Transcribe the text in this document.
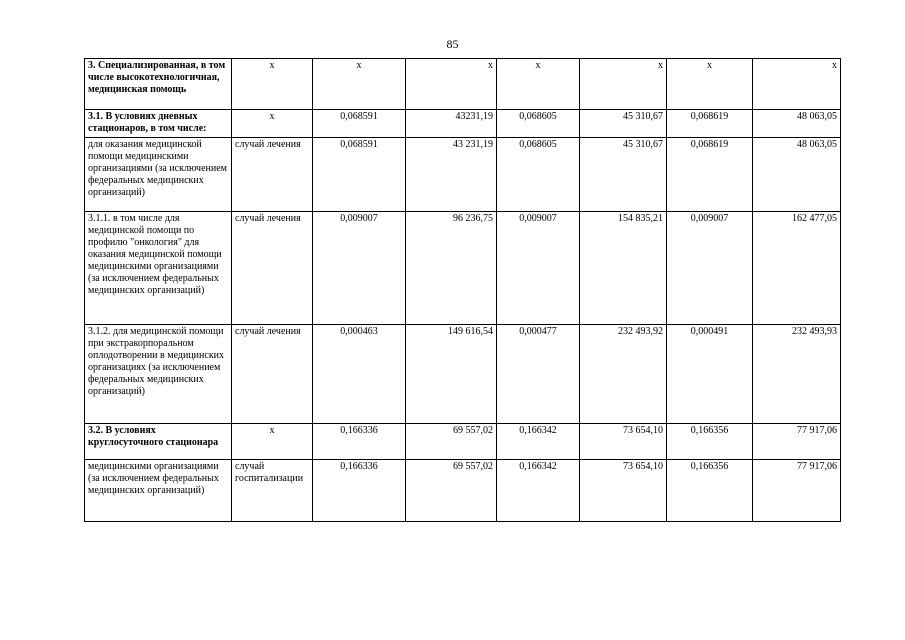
85
3. Специализированная, в том числе высокотехнологичная, медицинская помощь	х	х	х	х	х	х	х
3.1. В условиях дневных стационаров, в том числе:	х	0,068591	43231,19	0,068605	45 310,67	0,068619	48 063,05
для оказания медицинской помощи медицинскими организациями (за исключением федеральных медицинских организаций)	случай лечения	0,068591	43 231,19	0,068605	45 310,67	0,068619	48 063,05
3.1.1. в том числе для медицинской помощи по профилю "онкология" для оказания медицинской помощи медицинскими организациями (за исключением федеральных медицинских организаций)	случай лечения	0,009007	96 236,75	0,009007	154 835,21	0,009007	162 477,05
3.1.2. для медицинской помощи при экстракорпоральном оплодотворении в медицинских организациях (за исключением федеральных медицинских организаций)	случай лечения	0,000463	149 616,54	0,000477	232 493,92	0,000491	232 493,93
3.2. В условиях круглосуточного стационара	х	0,166336	69 557,02	0,166342	73 654,10	0,166356	77 917,06
медицинскими организациями (за исключением федеральных медицинских организаций)	случай госпитализации	0,166336	69 557,02	0,166342	73 654,10	0,166356	77 917,06
